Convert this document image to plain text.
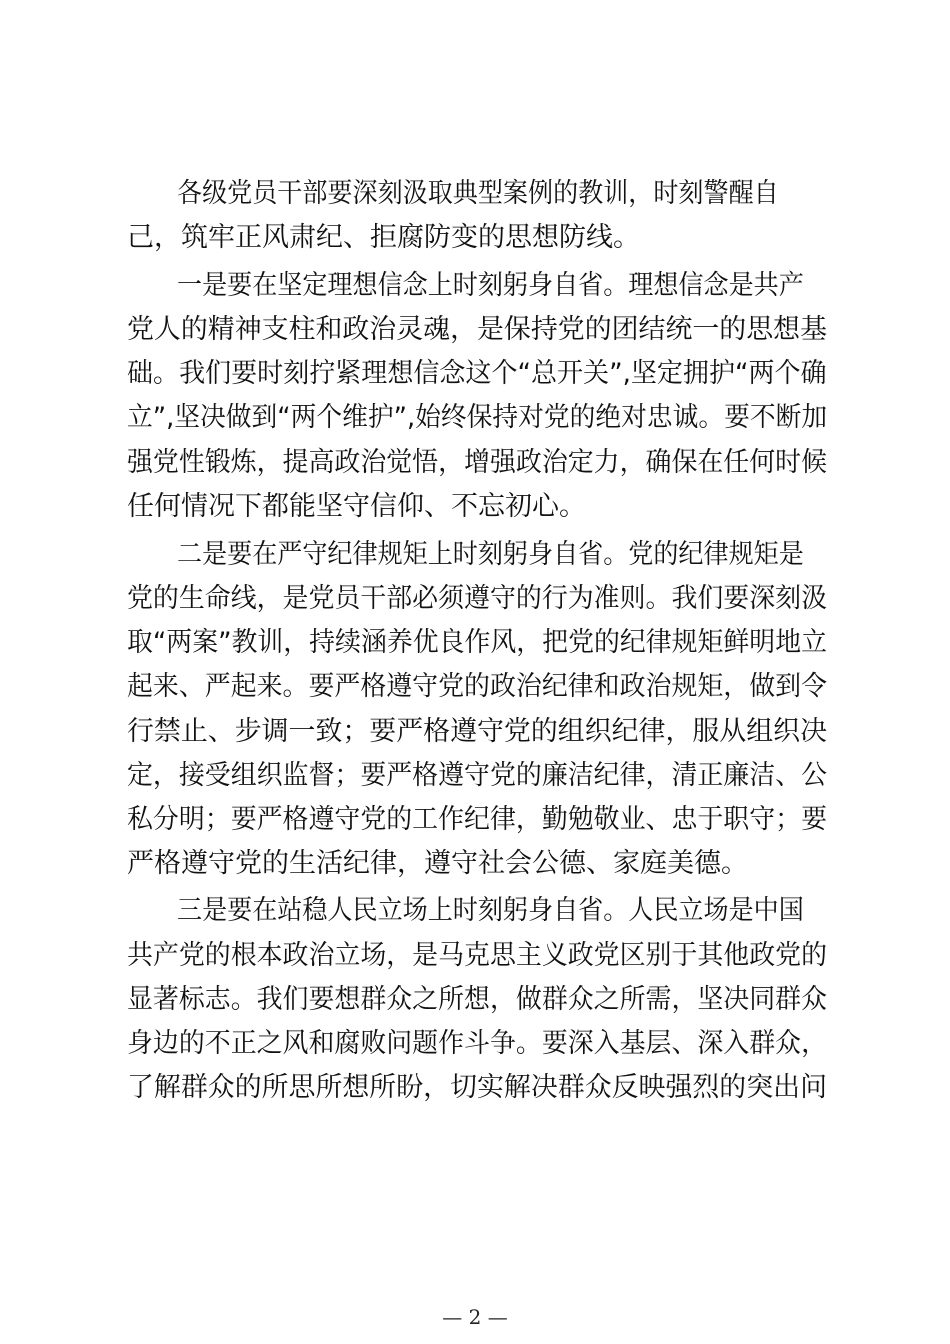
各级党员干部要深刻汲取典型案例的教训，时刻警醒自
己，筑牢正风肃纪、拒腐防变的思想防线。
一是要在坚定理想信念上时刻躬身自省。理想信念是共产
党人的精神支柱和政治灵魂，是保持党的团结统一的思想基
础。我们要时刻拧紧理想信念这个“总开关”,坚定拥护“两个确
立”,坚决做到“两个维护”,始终保持对党的绝对忠诚。要不断加
强党性锻炼，提高政治觉悟，增强政治定力，确保在任何时候
任何情况下都能坚守信仰、不忘初心。
二是要在严守纪律规矩上时刻躬身自省。党的纪律规矩是
党的生命线，是党员干部必须遵守的行为准则。我们要深刻汲
取“两案”教训，持续涵养优良作风，把党的纪律规矩鲜明地立
起来、严起来。要严格遵守党的政治纪律和政治规矩，做到令
行禁止、步调一致；要严格遵守党的组织纪律，服从组织决
定，接受组织监督；要严格遵守党的廉洁纪律，清正廉洁、公
私分明；要严格遵守党的工作纪律，勤勉敬业、忠于职守；要
严格遵守党的生活纪律，遵守社会公德、家庭美德。
三是要在站稳人民立场上时刻躬身自省。人民立场是中国
共产党的根本政治立场，是马克思主义政党区别于其他政党的
显著标志。我们要想群众之所想，做群众之所需，坚决同群众
身边的不正之风和腐败问题作斗争。要深入基层、深入群众，
了解群众的所思所想所盼，切实解决群众反映强烈的突出问
— 2 —
